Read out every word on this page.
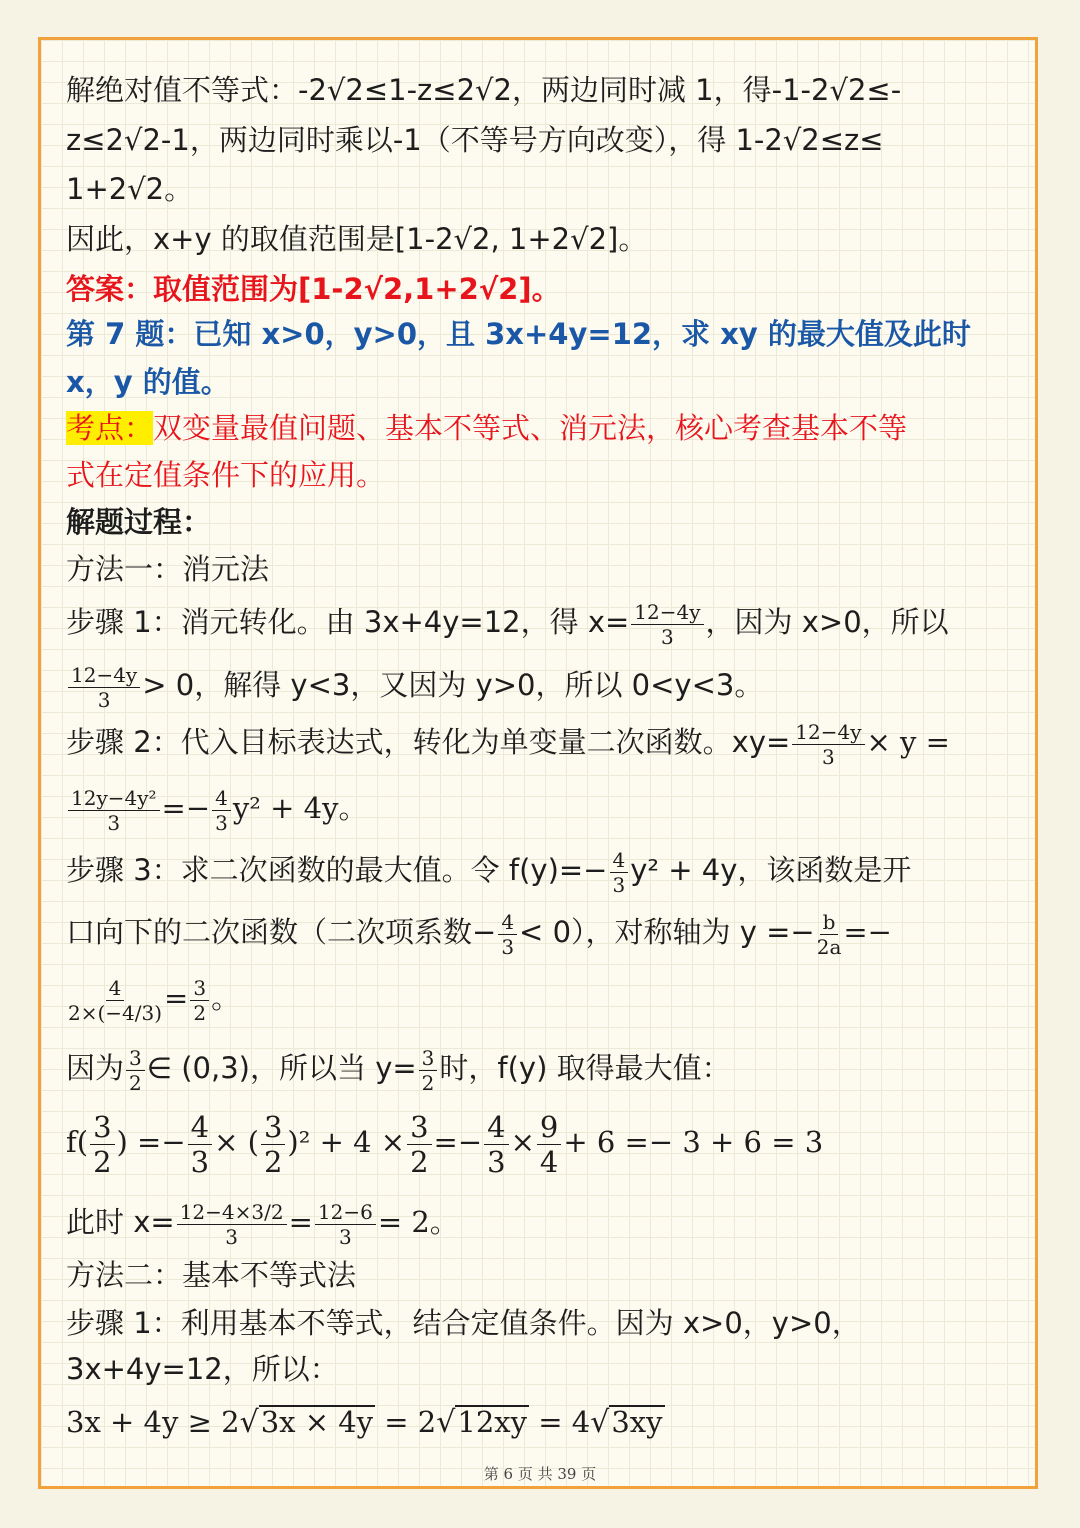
解绝对值不等式：-2√2≤1-z≤2√2，两边同时减 1，得-1-2√2≤-
z≤2√2-1，两边同时乘以-1（不等号方向改变），得 1-2√2≤z≤
1+2√2。
因此，x+y 的取值范围是[1-2√2, 1+2√2]。
答案：取值范围为[1-2√2,1+2√2]。
第 7 题：已知 x>0，y>0，且 3x+4y=12，求 xy 的最大值及此时
x，y 的值。
考点：双变量最值问题、基本不等式、消元法，核心考查基本不等
式在定值条件下的应用。
解题过程：
方法一：消元法
步骤 1：消元转化。由 3x+4y=12，得 $x= \frac{12-4y}{3}$ ，因为 x>0，所以
$\frac{12-4y}{3} > 0$，解得 y<3，又因为 y>0，所以 0<y<3。
步骤 2：代入目标表达式，转化为单变量二次函数。$xy= \frac{12-4y}{3} \times y$ =
$\frac{\text{12y−4y²}}{3} =- \frac{4}{3} y^2 + 4y$。
步骤 3：求二次函数的最大值。令 $f(y)=- \frac{4}{3} y^2 + 4y$，该函数是开
口向下的二次函数（二次项系数− $\frac{4}{3} < 0$），对称轴为 $y =- \frac{b}{2a}$ =−
$\frac{4}{2\times(-4/3)} = \frac{3}{2}$ 。
因为 $\frac{3}{2}$ ∈ (0,3)，所以当 $y= \frac{3}{2}$ 时，f(y) 取得最大值：
$f( \frac{3}{2}$ ) =− $\frac{4}{3}$ × ( $\frac{3}{2} )^2 + 4 \times \frac{3}{2} =- \frac{4}{3} \times \frac{9}{4} + 6 =- 3 + 6 = 3$
此时 $x= \frac{12-4\times 3/2}{3} = \frac{12-6}{3} = 2$。
方法二：基本不等式法
步骤 1：利用基本不等式，结合定值条件。因为 x>0，y>0，
3x+4y=12，所以：
3x + 4y ≥ 2√3x × 4y = 2√12xy = 4√3xy
第 6 页 共 39 页
